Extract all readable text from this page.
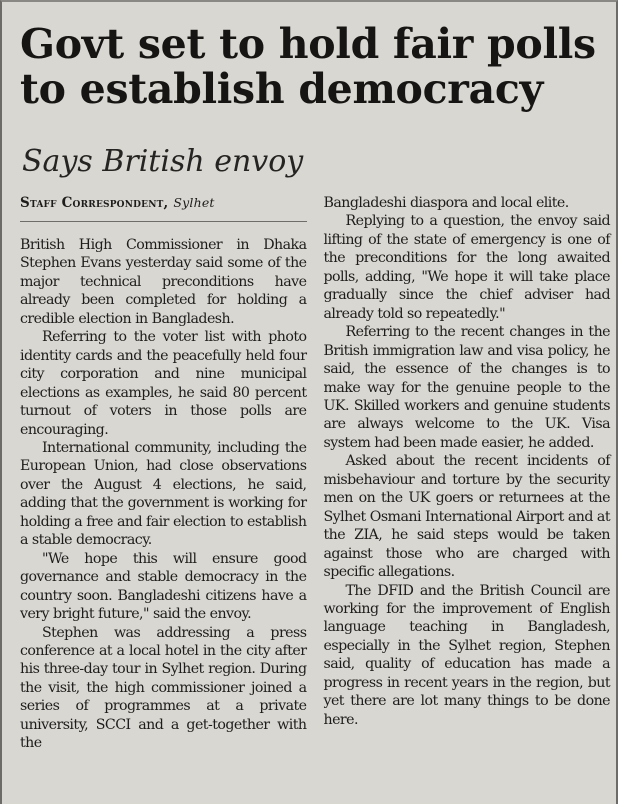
Govt set to hold fair polls to establish democracy
Says British envoy
Staff Correspondent, Sylhet

British High Commissioner in Dhaka Stephen Evans yesterday said some of the major technical preconditions have already been completed for holding a credible election in Bangladesh.

Referring to the voter list with photo identity cards and the peacefully held four city corporation and nine municipal elections as examples, he said 80 percent turnout of voters in those polls are encouraging.

International community, including the European Union, had close observations over the August 4 elections, he said, adding that the government is working for holding a free and fair election to establish a stable democracy.

"We hope this will ensure good governance and stable democracy in the country soon. Bangladeshi citizens have a very bright future," said the envoy.

Stephen was addressing a press conference at a local hotel in the city after his three-day tour in Sylhet region. During the visit, the high commissioner joined a series of programmes at a private university, SCCI and a get-together with the

Bangladeshi diaspora and local elite.

Replying to a question, the envoy said lifting of the state of emergency is one of the preconditions for the long awaited polls, adding, "We hope it will take place gradually since the chief adviser had already told so repeatedly."

Referring to the recent changes in the British immigration law and visa policy, he said, the essence of the changes is to make way for the genuine people to the UK. Skilled workers and genuine students are always welcome to the UK. Visa system had been made easier, he added.

Asked about the recent incidents of misbehaviour and torture by the security men on the UK goers or returnees at the Sylhet Osmani International Airport and at the ZIA, he said steps would be taken against those who are charged with specific allegations.

The DFID and the British Council are working for the improvement of English language teaching in Bangladesh, especially in the Sylhet region, Stephen said, quality of education has made a progress in recent years in the region, but yet there are lot many things to be done here.
